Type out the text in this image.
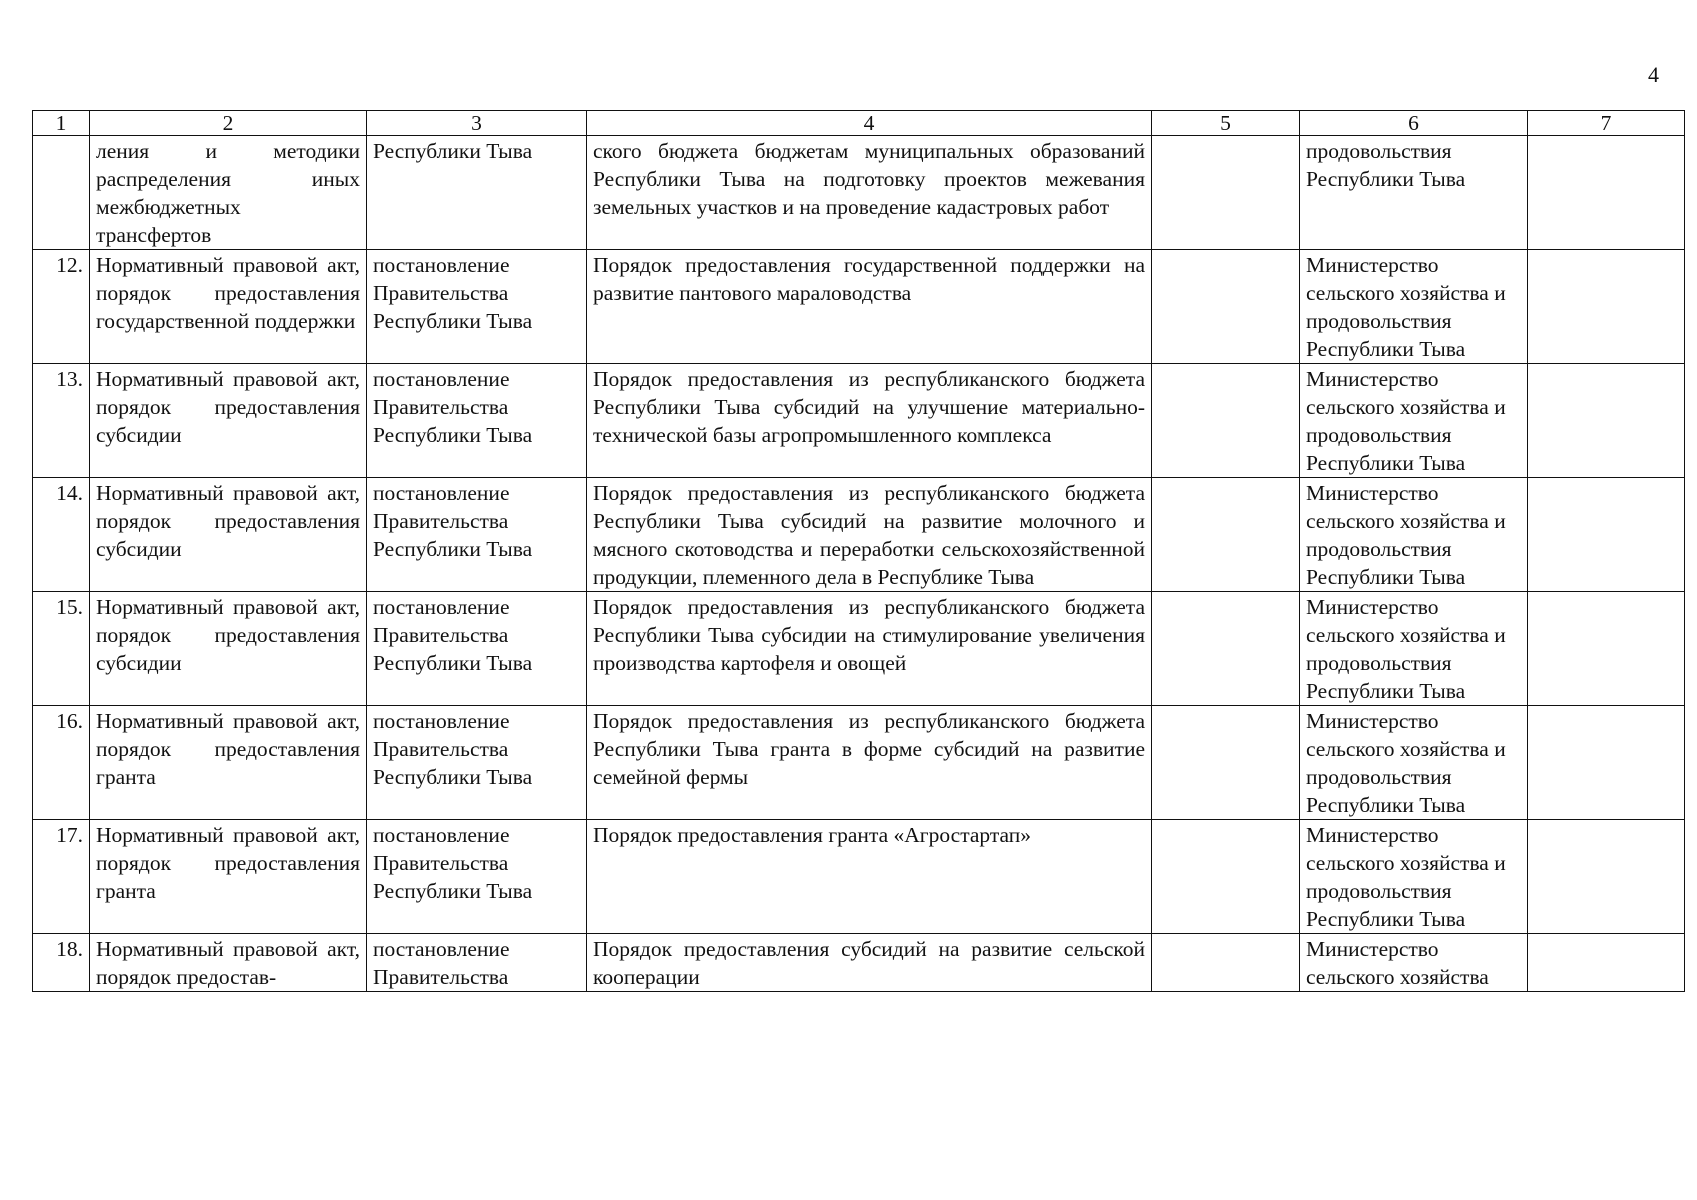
4
1	2	3	4	5	6	7
	ления и методики распределения иных межбюджетных трансфертов	Республики Тыва	ского бюджета бюджетам муниципальных образований Республики Тыва на подготовку проектов межевания земельных участков и на проведение кадастровых работ		продовольствия Республики Тыва	
12.	Нормативный правовой акт, порядок предоставления государственной поддержки	постановление Правительства Республики Тыва	Порядок предоставления государственной поддержки на развитие пантового мараловодства		Министерство сельского хозяйства и продовольствия Республики Тыва	
13.	Нормативный правовой акт, порядок предоставления субсидии	постановление Правительства Республики Тыва	Порядок предоставления из республиканского бюджета Республики Тыва субсидий на улучшение материально-технической базы агропромышленного комплекса		Министерство сельского хозяйства и продовольствия Республики Тыва	
14.	Нормативный правовой акт, порядок предоставления субсидии	постановление Правительства Республики Тыва	Порядок предоставления из республиканского бюджета Республики Тыва субсидий на развитие молочного и мясного скотоводства и переработки сельскохозяйственной продукции, племенного дела в Республике Тыва		Министерство сельского хозяйства и продовольствия Республики Тыва	
15.	Нормативный правовой акт, порядок предоставления субсидии	постановление Правительства Республики Тыва	Порядок предоставления из республиканского бюджета Республики Тыва субсидии на стимулирование увеличения производства картофеля и овощей		Министерство сельского хозяйства и продовольствия Республики Тыва	
16.	Нормативный правовой акт, порядок предоставления гранта	постановление Правительства Республики Тыва	Порядок предоставления из республиканского бюджета Республики Тыва гранта в форме субсидий на развитие семейной фермы		Министерство сельского хозяйства и продовольствия Республики Тыва	
17.	Нормативный правовой акт, порядок предоставления гранта	постановление Правительства Республики Тыва	Порядок предоставления гранта «Агростартап»		Министерство сельского хозяйства и продовольствия Республики Тыва	
18.	Нормативный правовой акт, порядок предостав-	постановление Правительства	Порядок предоставления субсидий на развитие сельской кооперации		Министерство сельского хозяйства	
